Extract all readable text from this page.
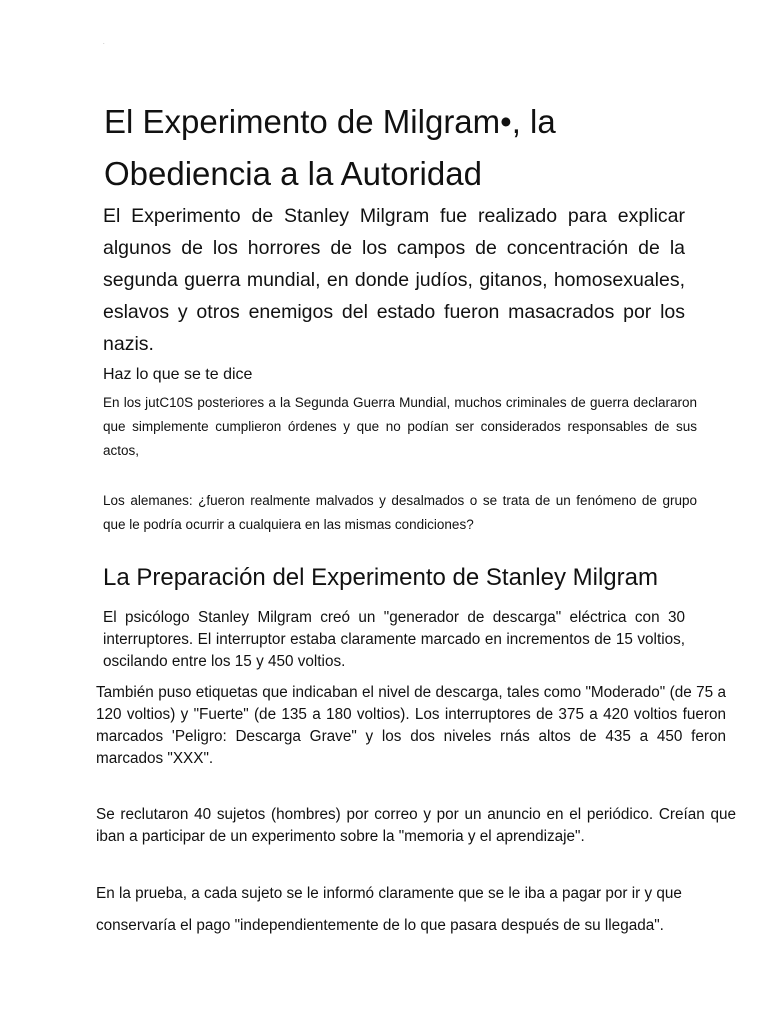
.
El Experimento de Milgram•, la Obediencia a la Autoridad

El Experimento de Stanley Milgram fue realizado para explicar algunos de los horrores de los campos de concentración de la segunda guerra mundial, en donde judíos, gitanos, homosexuales, eslavos y otros enemigos del estado fueron masacrados por los nazis.

Haz lo que se te dice

En los jutC10S posteriores a la Segunda Guerra Mundial, muchos criminales de guerra declararon que simplemente cumplieron órdenes y que no podían ser considerados responsables de sus actos,

Los alemanes: ¿fueron realmente malvados y desalmados o se trata de un fenómeno de grupo que le podría ocurrir a cualquiera en las mismas condiciones?

La Preparación del Experimento de Stanley Milgram

El psicólogo Stanley Milgram creó un "generador de descarga" eléctrica con 30 interruptores. El interruptor estaba claramente marcado en incrementos de 15 voltios, oscilando entre los 15 y 450 voltios.

También puso etiquetas que indicaban el nivel de descarga, tales como "Moderado" (de 75 a 120 voltios) y "Fuerte" (de 135 a 180 voltios). Los interruptores de 375 a 420 voltios fueron marcados 'Peligro: Descarga Grave" y los dos niveles rnás altos de 435 a 450 feron marcados "XXX".

Se reclutaron 40 sujetos (hombres) por correo y por un anuncio en el periódico. Creían que iban a participar de un experimento sobre la "memoria y el aprendizaje".

En la prueba, a cada sujeto se le informó claramente que se le iba a pagar por ir y que conservaría el pago "independientemente de lo que pasara después de su llegada".
